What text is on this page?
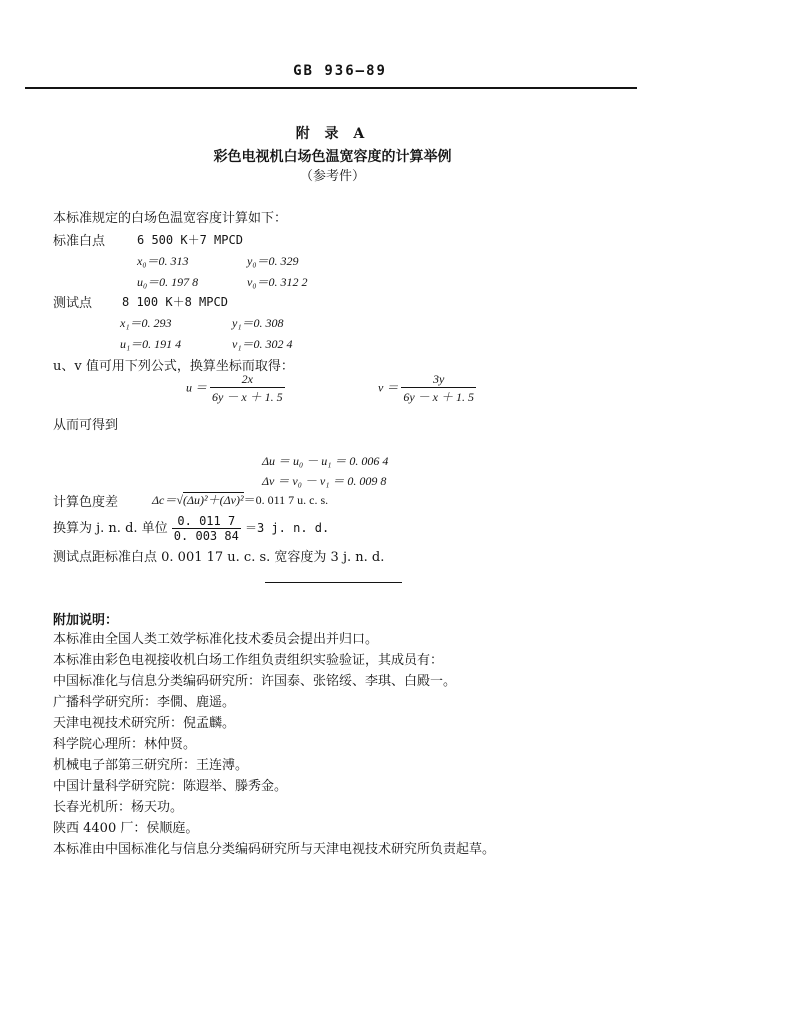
GB 936—89
附 录 A
彩色电视机白场色温宽容度的计算举例
（参考件）
本标准规定的白场色温宽容度计算如下：
标准白点	6 500 K＋7 MPCD
x₀＝0. 313	y₀＝0. 329
u₀＝0. 197 8	v₀＝0. 312 2
测试点 8 100 K＋8 MPCD
x₁＝0. 293	y₁＝0. 308
u₁＝0. 191 4	v₁＝0. 302 4
u、v 值可用下列公式，换算坐标而取得：
$u = \frac{2x}{6y - x + 1. 5}$	$v = \frac{3y}{6y - x + 1. 5}$
从而可得到
Δu ＝ u₀ － u₁ ＝ 0. 006 4
Δv ＝ v₀ － v₁ ＝ 0. 009 8
计算色度差	Δc＝√(Δu)²＋(Δv)²＝0. 011 7 u. c. s.
换算为 j. n. d. 单位 $\frac{0. 011 7}{0. 003 84} =3$ j. n. d.
测试点距标准白点 0. 001 17 u. c. s. 宽容度为 3 j. n. d.
附加说明：
本标准由全国人类工效学标准化技术委员会提出并归口。
本标准由彩色电视接收机白场工作组负责组织实验验证，其成员有：
中国标准化与信息分类编码研究所：许国泰、张铭绥、李琪、白殿一。
广播科学研究所：李僩、鹿遥。
天津电视技术研究所：倪孟麟。
科学院心理所：林仲贤。
机械电子部第三研究所：王连溥。
中国计量科学研究院：陈遐举、滕秀金。
长春光机所：杨天功。
陕西 4400 厂：侯顺庭。
本标准由中国标准化与信息分类编码研究所与天津电视技术研究所负责起草。
